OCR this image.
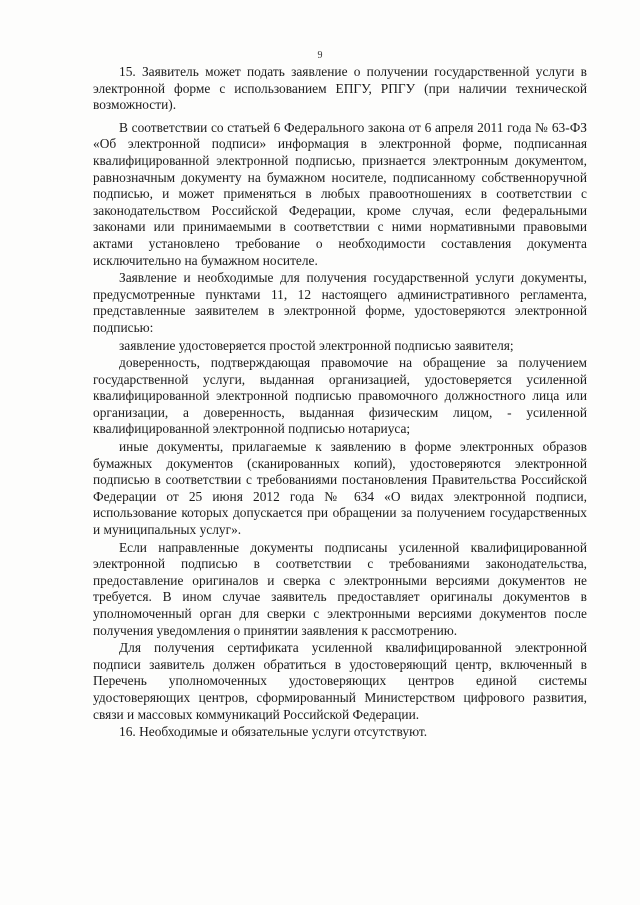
9

15. Заявитель может подать заявление о получении государственной услуги в электронной форме с использованием ЕПГУ, РПГУ (при наличии технической возможности).

В соответствии со статьей 6 Федерального закона от 6 апреля 2011 года № 63-ФЗ «Об электронной подписи» информация в электронной форме, подписанная квалифицированной электронной подписью, признается электронным документом, равнозначным документу на бумажном носителе, подписанному собственноручной подписью, и может применяться в любых правоотношениях в соответствии с законодательством Российской Федерации, кроме случая, если федеральными законами или принимаемыми в соответствии с ними нормативными правовыми актами установлено требование о необходимости составления документа исключительно на бумажном носителе.

Заявление и необходимые для получения государственной услуги документы, предусмотренные пунктами 11, 12 настоящего административного регламента, представленные заявителем в электронной форме, удостоверяются электронной подписью:

заявление удостоверяется простой электронной подписью заявителя;

доверенность, подтверждающая правомочие на обращение за получением государственной услуги, выданная организацией, удостоверяется усиленной квалифицированной электронной подписью правомочного должностного лица или организации, а доверенность, выданная физическим лицом, - усиленной квалифицированной электронной подписью нотариуса;

иные документы, прилагаемые к заявлению в форме электронных образов бумажных документов (сканированных копий), удостоверяются электронной подписью в соответствии с требованиями постановления Правительства Российской Федерации от 25 июня 2012 года № 634 «О видах электронной подписи, использование которых допускается при обращении за получением государственных и муниципальных услуг».

Если направленные документы подписаны усиленной квалифицированной электронной подписью в соответствии с требованиями законодательства, предоставление оригиналов и сверка с электронными версиями документов не требуется. В ином случае заявитель предоставляет оригиналы документов в уполномоченный орган для сверки с электронными версиями документов после получения уведомления о принятии заявления к рассмотрению.

Для получения сертификата усиленной квалифицированной электронной подписи заявитель должен обратиться в удостоверяющий центр, включенный в Перечень уполномоченных удостоверяющих центров единой системы удостоверяющих центров, сформированный Министерством цифрового развития, связи и массовых коммуникаций Российской Федерации.

16. Необходимые и обязательные услуги отсутствуют.
